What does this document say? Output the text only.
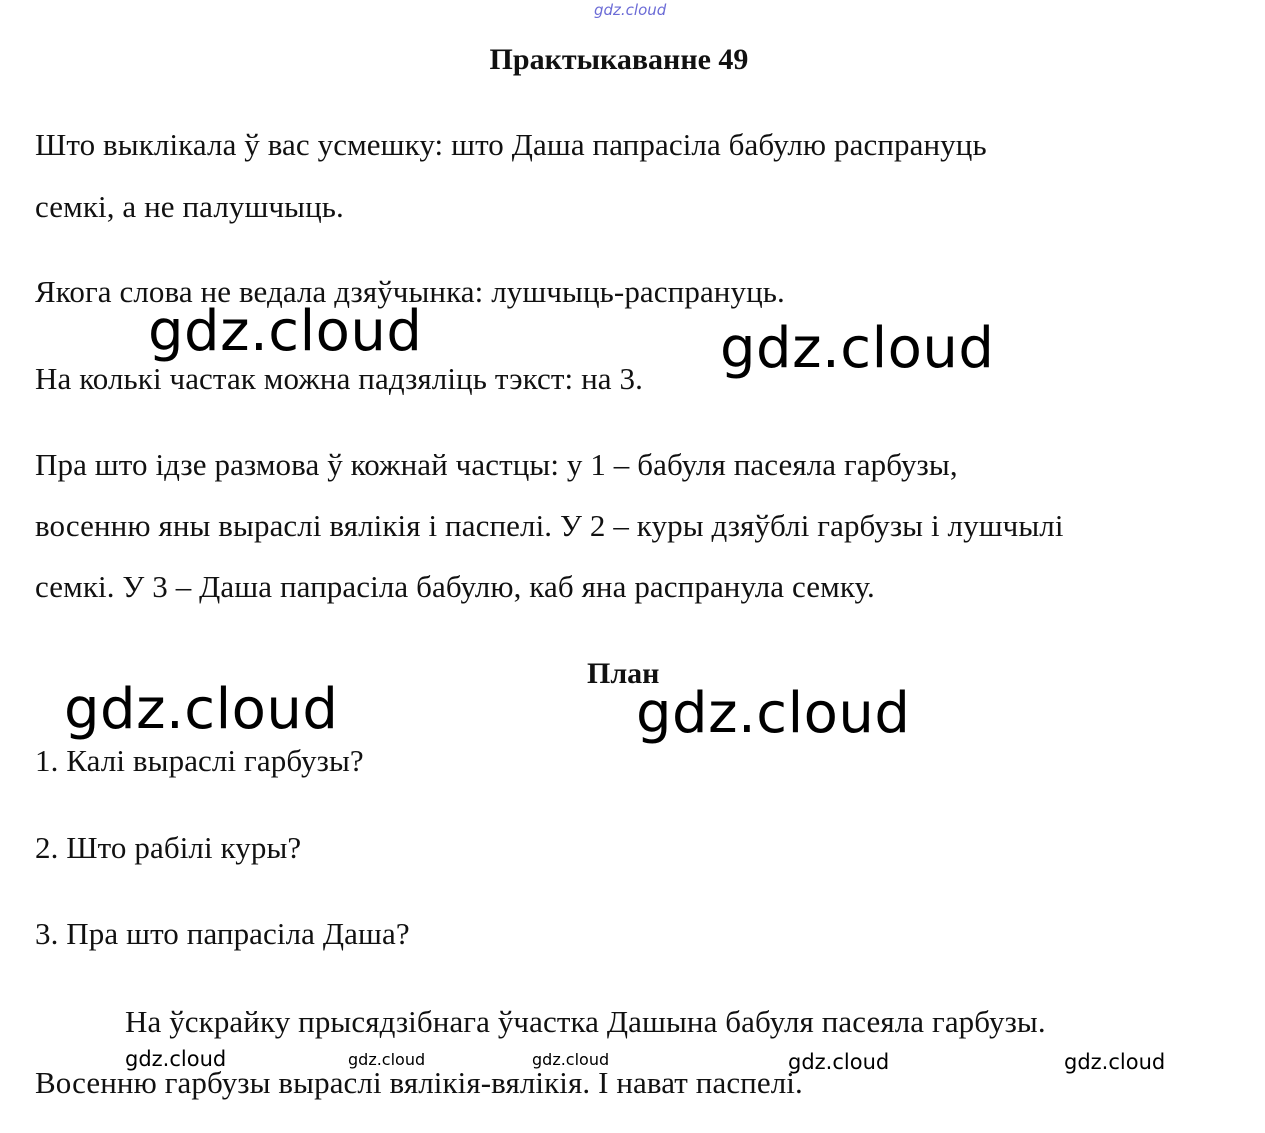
gdz.cloud
Практыкаванне 49
Што выклікала ў вас усмешку: што Даша папрасіла бабулю распрануць
семкі, а не палушчыць.
Якога слова не ведала дзяўчынка: лушчыць-распрануць.
На колькі частак можна падзяліць тэкст: на 3.
Пра што ідзе размова ў кожнай частцы: у 1 – бабуля пасеяла гарбузы,
восенню яны выраслі вялікія і паспелі. У 2 – куры дзяўблі гарбузы і лушчылі
семкі. У 3 – Даша папрасіла бабулю, каб яна распранула семку.
План
1. Калі выраслі гарбузы?
2. Што рабілі куры?
3. Пра што папрасіла Даша?
На ўскрайку прысядзібнага ўчастка Дашына бабуля пасеяла гарбузы.
Восенню гарбузы выраслі вялікія-вялікія. І нават паспелі.
gdz.cloud	gdz.cloud
gdz.cloud	gdz.cloud
gdz.cloud	gdz.cloud	gdz.cloud	gdz.cloud	gdz.cloud
